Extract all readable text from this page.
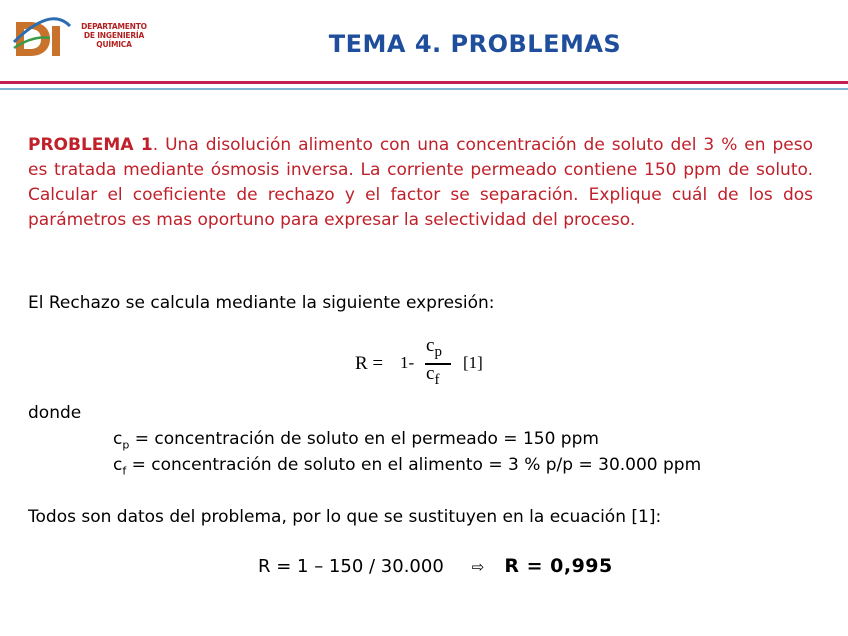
DEPARTAMENTO
DE INGENIERÍA
QUÍMICA	TEMA 4. PROBLEMAS
PROBLEMA 1. Una disolución alimento con una concentración de soluto del 3 % en peso es tratada mediante ósmosis inversa. La corriente permeado contiene 150 ppm de soluto. Calcular el coeficiente de rechazo y el factor se separación. Explique cuál de los dos parámetros es mas oportuno para expresar la selectividad del proceso.
El Rechazo se calcula mediante la siguiente expresión:
R = 1-
$c_p$
$c_f$
[1]
donde
$c_p$ = concentración de soluto en el permeado = 150 ppm
$c_f$ = concentración de soluto en el alimento = 3 % p/p = 30.000 ppm
Todos son datos del problema, por lo que se sustituyen en la ecuación [1]:
R = 1 – 150 / 30.000 ⇨ R = 0,995
